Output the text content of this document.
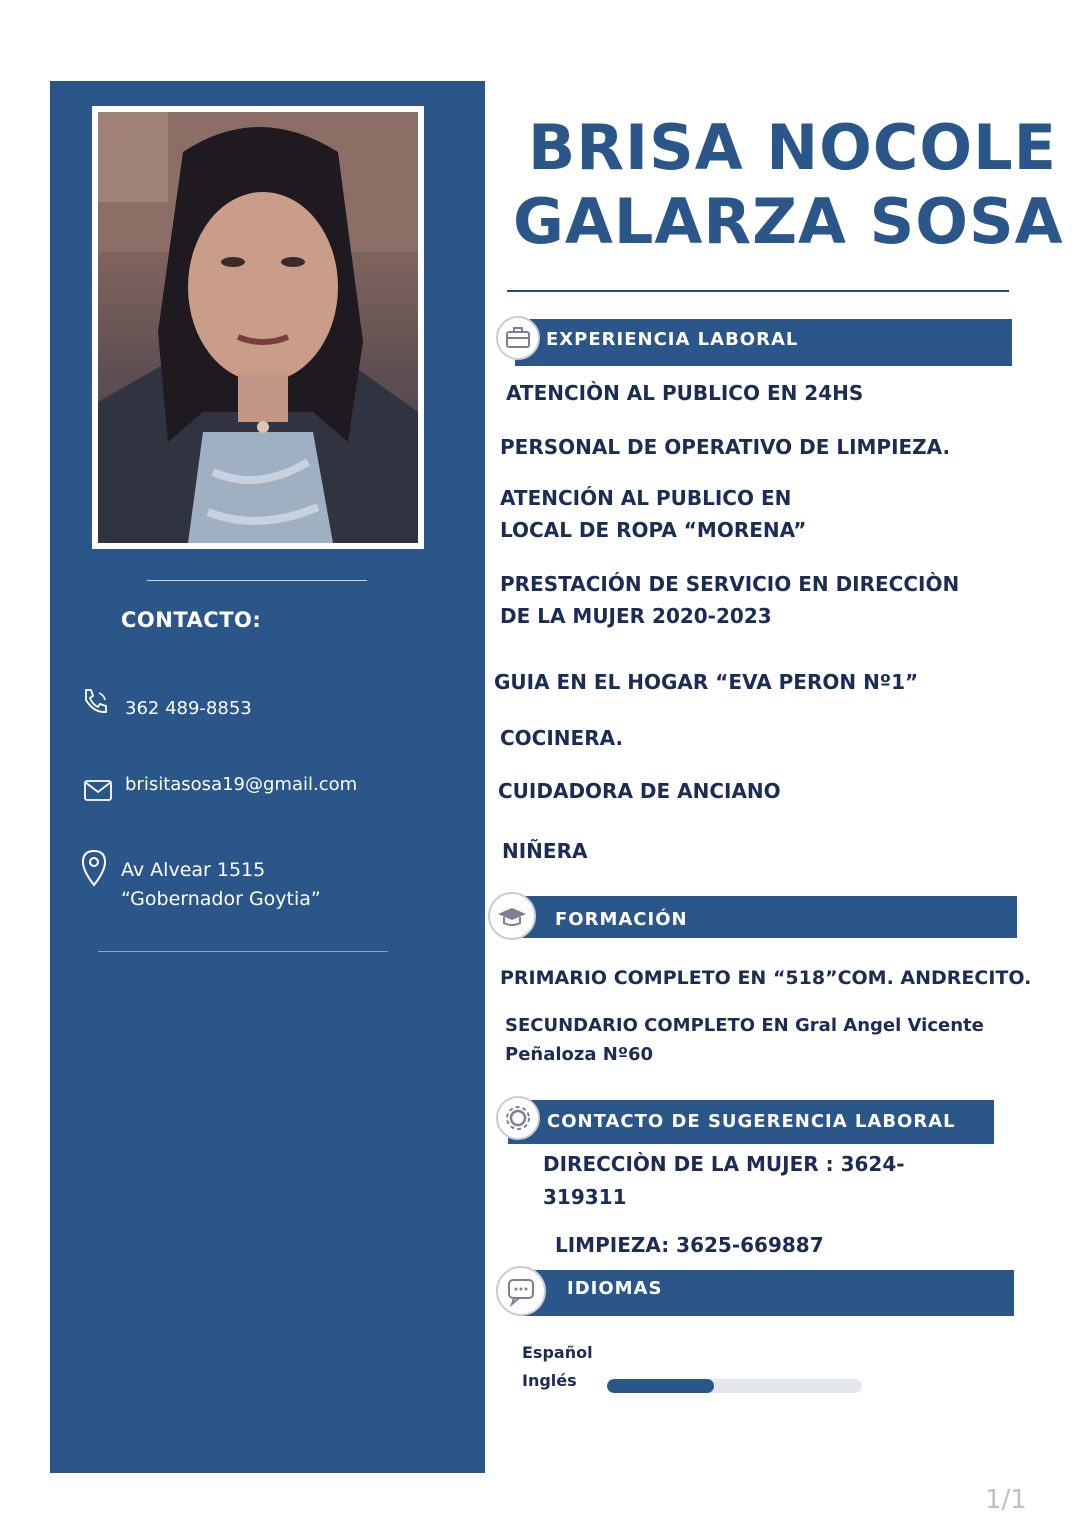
CONTACTO:
362 489-8853
brisitasosa19@gmail.com
Av Alvear 1515
“Gobernador Goytia”
BRISA NOCOLE
GALARZA SOSA
EXPERIENCIA LABORAL
ATENCIÒN AL PUBLICO EN 24HS
PERSONAL DE OPERATIVO DE LIMPIEZA.
ATENCIÓN AL PUBLICO EN
LOCAL DE ROPA “MORENA”
PRESTACIÓN DE SERVICIO EN DIRECCIÒN
DE LA MUJER 2020-2023
GUIA EN EL HOGAR “EVA PERON Nº1”
COCINERA.
CUIDADORA DE ANCIANO
NIÑERA
FORMACIÓN
PRIMARIO COMPLETO EN “518”COM. ANDRECITO.
SECUNDARIO COMPLETO EN Gral Angel Vicente
Peñaloza Nº60
CONTACTO DE SUGERENCIA LABORAL
DIRECCIÒN DE LA MUJER : 3624-
319311
LIMPIEZA: 3625-669887
IDIOMAS
Español
Inglés
1/1
